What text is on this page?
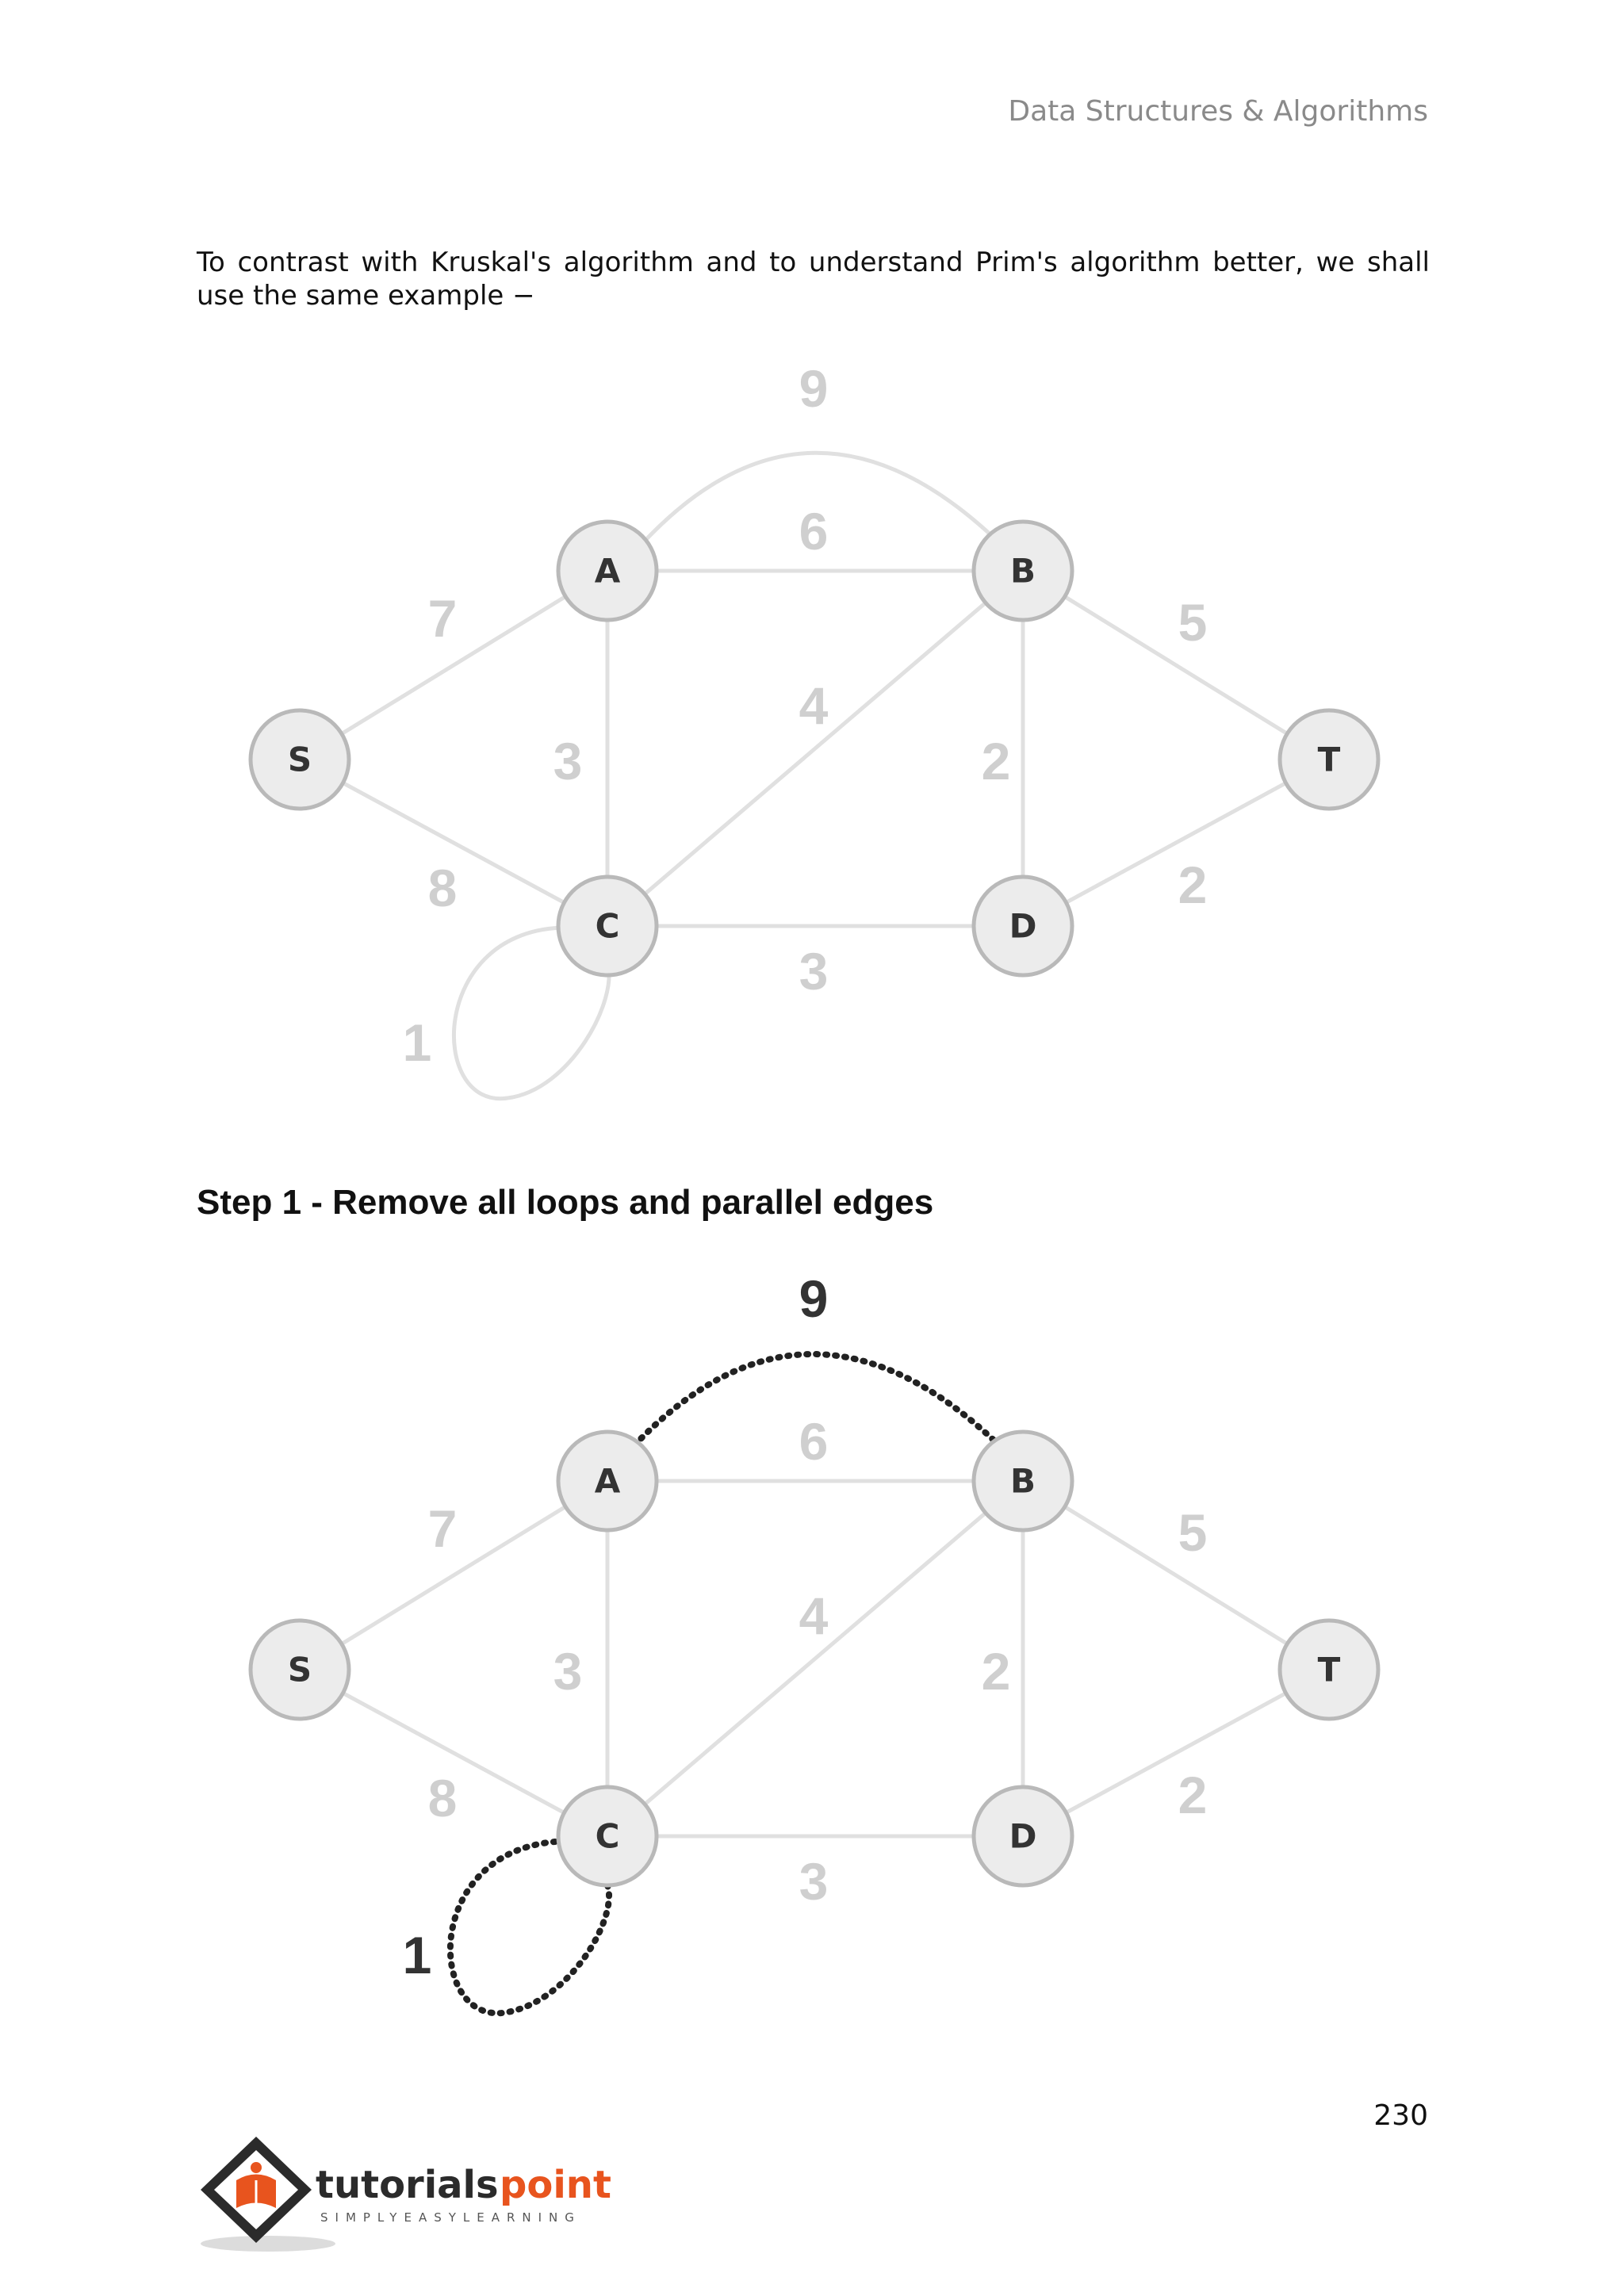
Data Structures & Algorithms
To contrast with Kruskal's algorithm and to understand Prim's algorithm better, we shall use the same example −
9
6
7	5
3
4
2
8	2
3
1
A	B
S	T
C	D
Step 1 - Remove all loops and parallel edges
9
6
7	5
3
4
2
8	2
3
1
A	B
S	T
C	D
230
tutorials point
SIMPLYEASYLEARNING
